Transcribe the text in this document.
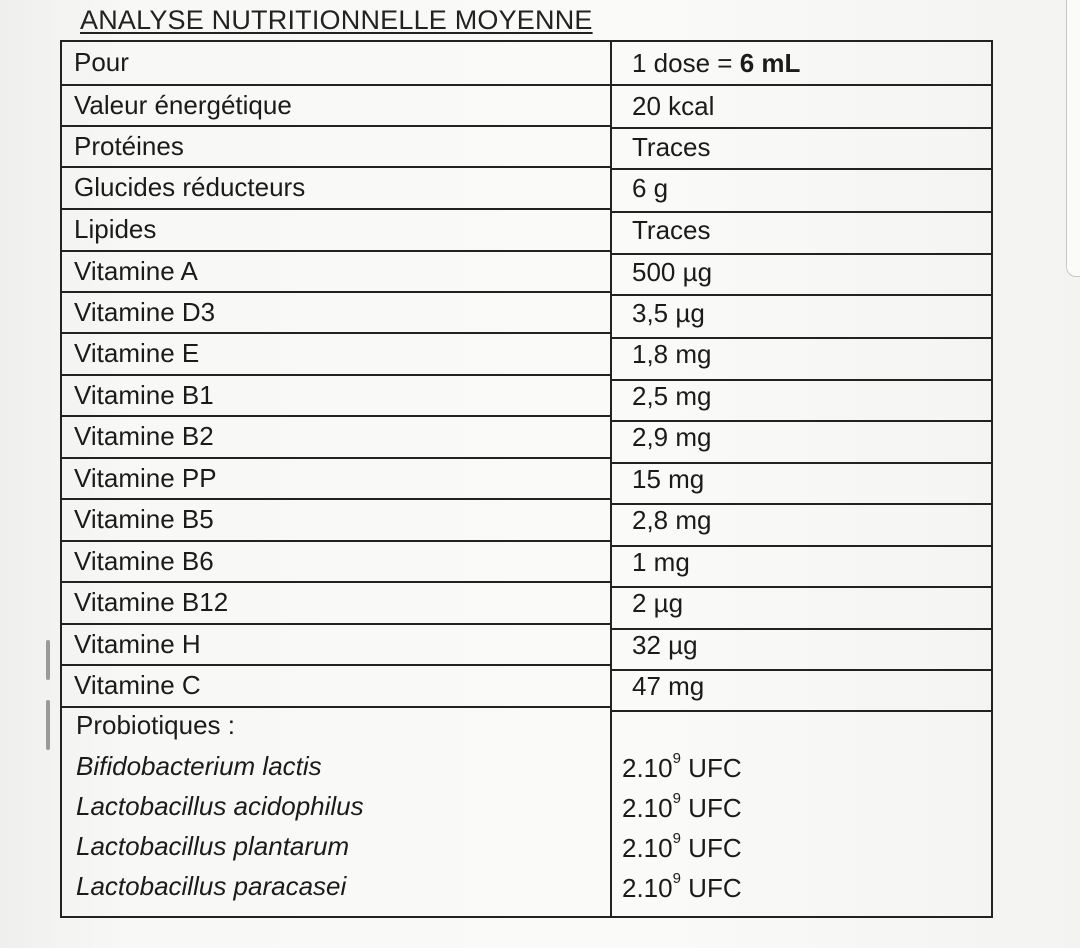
ANALYSE NUTRITIONNELLE MOYENNE
Probiotiques :
Bifidobacterium lactis	2.10$^9$ UFC
Lactobacillus acidophilus	2.10$^9$ UFC
Lactobacillus plantarum	2.10$^9$ UFC
Lactobacillus paracasei	2.10$^9$ UFC
Pour	1 dose = 6 mL
Valeur énergétique	20 kcal
Protéines	Traces
Glucides réducteurs	6 g
Lipides	Traces
Vitamine A	500 µg
Vitamine D3	3,5 µg
Vitamine E	1,8 mg
Vitamine B1	2,5 mg
Vitamine B2	2,9 mg
Vitamine PP	15 mg
Vitamine B5	2,8 mg
Vitamine B6	1 mg
Vitamine B12	2 µg
Vitamine H	32 µg
Vitamine C	47 mg
